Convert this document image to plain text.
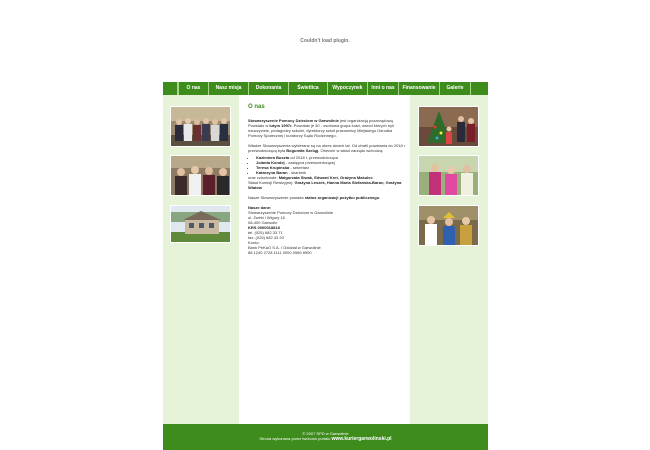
Couldn't load plugin.
O nas	Nasz misja	Dokonania	Świetlica	Wypoczynek	Inni o nas	Finansowanie	Galerie
O nas

Stowarzyszenie Pomocy Dzieciom w Garwolinie jest organizacją pozarządową. Powstało w lutym 1997r. Powołało je 30 - osobowa grupa ludzi, wśród których byli nauczyciele, pedagodzy szkolni, dyrektorzy szkół pracownicy Miejskiego Ośrodka Pomocy Społecznej i kuratorzy Sądu Rodzinnego.

Władze Stowarzyszenia wybierane są na okres dwóch lat. Od chwili powstania do 2018 r przewodniczącą była Bogumiła Szeląg. Obecnie w skład zarządu wchodzą:

• Kazimiera Buszta od 2018 r. przewodnicząca
• Jolanta Kondej - zastępca przewodniczącej
• Teresa Krupińska - sekretarz
• Katarzyna Baran - skarbnik

oraz członkowie: Małgorzata Siwak, Edward Kret, Grażyna Makulec
Skład Komisji Rewizyjnej: Grażyna Leszek, Hanna Maria Stefańska-Baran, Grażyna Wiatow

Nasze Stowarzyszenie posiada status organizacji pożytku publicznego.

Nasze dane:
Stowarzyszenie Pomocy Dzieciom w Garwolinie
ul. Żwirki i Wigury 16
08-400 Garwolin
KRS 0000018818
tel. (025) 682 33 71
fax. (025) 682 43 20
Konto:
Bank PeKaO S.A. I Oddział w Garwolinie
88 1240 2728 1111 0000 0989 8900

© 2007 SPD w Garwolinie
Strona wykonana przez twórców portalu www.kuriergarwolinski.pl
